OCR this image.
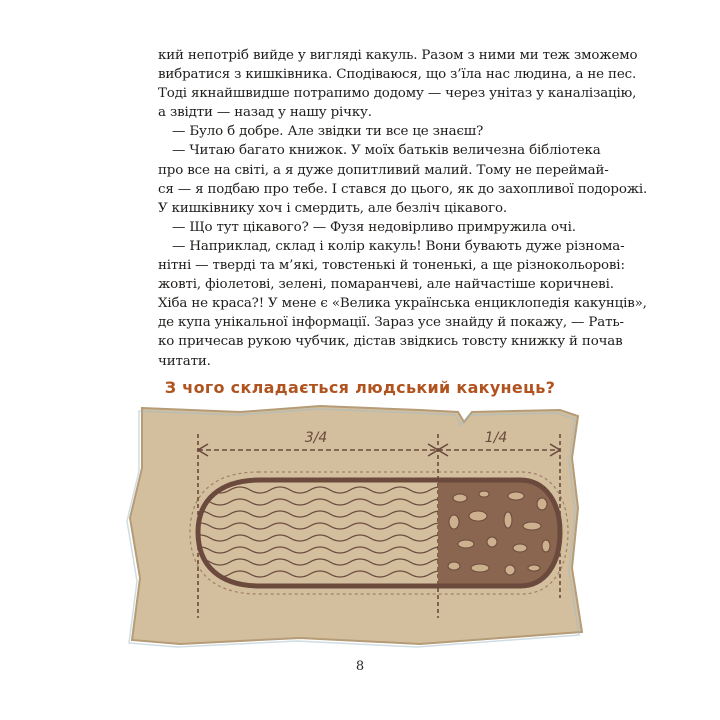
кий непотріб вийде у вигляді какуль. Разом з ними ми теж зможемо
вибратися з кишківника. Сподіваюся, що з’їла нас людина, а не пес.
Тоді якнайшвидше потрапимо додому — через унітаз у каналізацію,
а звідти — назад у нашу річку.
— Було б добре. Але звідки ти все це знаєш?
— Читаю багато книжок. У моїх батьків величезна бібліотека
про все на світі, а я дуже допитливий малий. Тому не переймай-
ся — я подбаю про тебе. І стався до цього, як до захопливої подорожі.
У кишківнику хоч і смердить, але безліч цікавого.
— Що тут цікавого? — Фузя недовірливо примружила очі.
— Наприклад, склад і колір какуль! Вони бувають дуже різнома-
нітні — тверді та м’які, товстенькі й тоненькі, а ще різнокольорові:
жовті, фіолетові, зелені, помаранчеві, але найчастіше коричневі.
Хіба не краса?! У мене є «Велика українська енциклопедія какунців»,
де купа унікальної інформації. Зараз усе знайду й покажу, — Рать-
ко причесав рукою чубчик, дістав звідкись товсту книжку й почав
читати.
З чого складається людський какунець?
3/4	1/4
8
